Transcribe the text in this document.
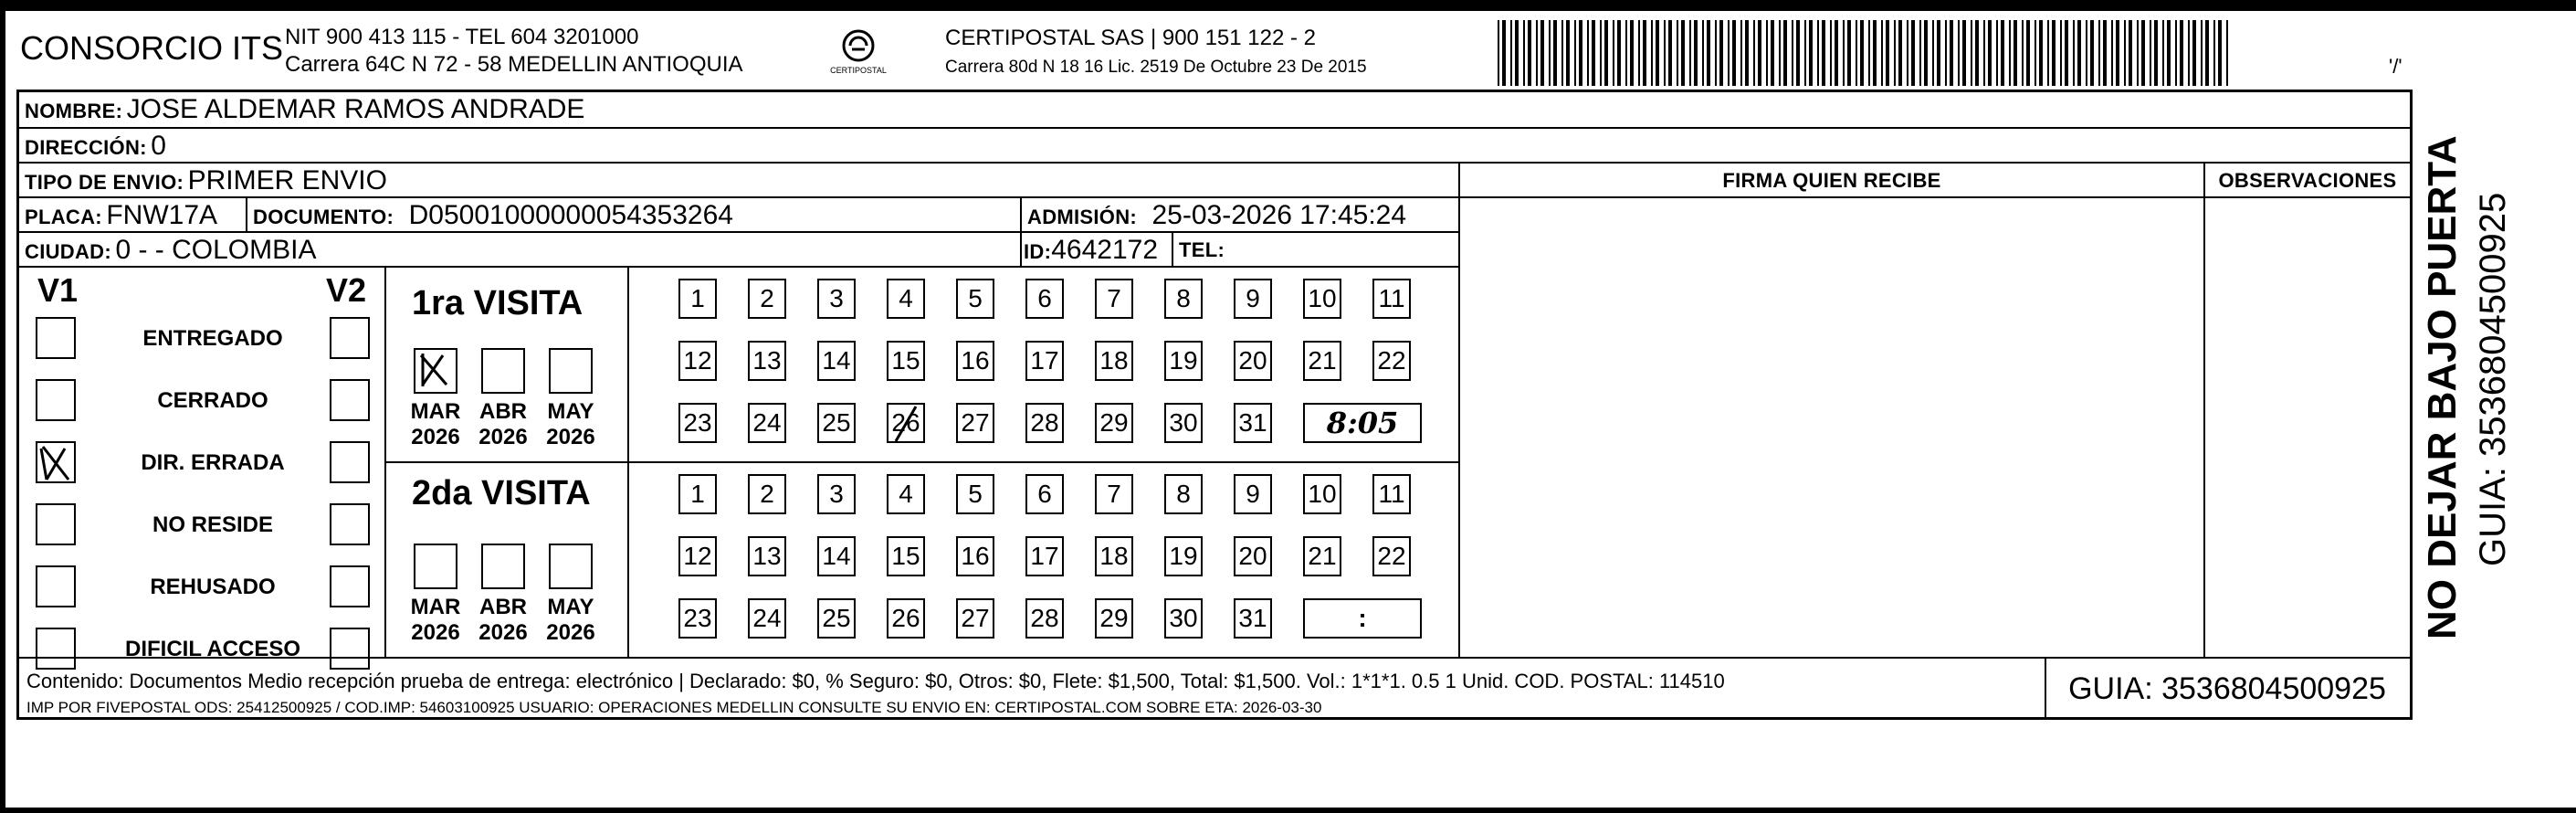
CONSORCIO ITS NIT 900 413 115 - TEL 604 3201000
Carrera 64C N 72 - 58 MEDELLIN ANTIOQUIA	CERTIPOSTAL
CERTIPOSTAL SAS | 900 151 122 - 2
Carrera 80d N 18 16 Lic. 2519 De Octubre 23 De 2015	'/'
NOMBRE: JOSE ALDEMAR RAMOS ANDRADE
DIRECCIÓN: 0
TIPO DE ENVIO: PRIMER ENVIO
PLACA: FNW17A DOCUMENTO: D05001000000054353264	ADMISIÓN: 25-03-2026 17:45:24
CIUDAD: 0 - - COLOMBIA	ID:4642172 TEL:
FIRMA QUIEN RECIBE	OBSERVACIONES
V1	V2
ENTREGADO
CERRADO
DIR. ERRADA
NO RESIDE
REHUSADO
DIFICIL ACCESO
1ra VISITA
2da VISITA
MAR
2026
ABR
2026
MAY
2026
1	2	3	4	5	6	7	8	9	10 11
12 13 14 15 16 17 18 19 20 21 22
23 24 25 26 27 28 29 30 31	8:05
MAR
2026
ABR
2026
MAY
2026
1	2	3	4	5	6	7	8	9	10 11
12 13 14 15 16 17 18 19 20 21 22
23 24 25 26 27 28 29 30 31	:
Contenido: Documentos Medio recepción prueba de entrega: electrónico | Declarado: $0, % Seguro: $0, Otros: $0, Flete: $1,500, Total: $1,500. Vol.: 1*1*1. 0.5 1 Unid. COD. POSTAL: 114510
IMP POR FIVEPOSTAL ODS: 25412500925 / COD.IMP: 54603100925 USUARIO: OPERACIONES MEDELLIN CONSULTE SU ENVIO EN: CERTIPOSTAL.COM SOBRE ETA: 2026-03-30
GUIA: 3536804500925
NO DEJAR BAJO PUERTA GUIA: 3536804500925
